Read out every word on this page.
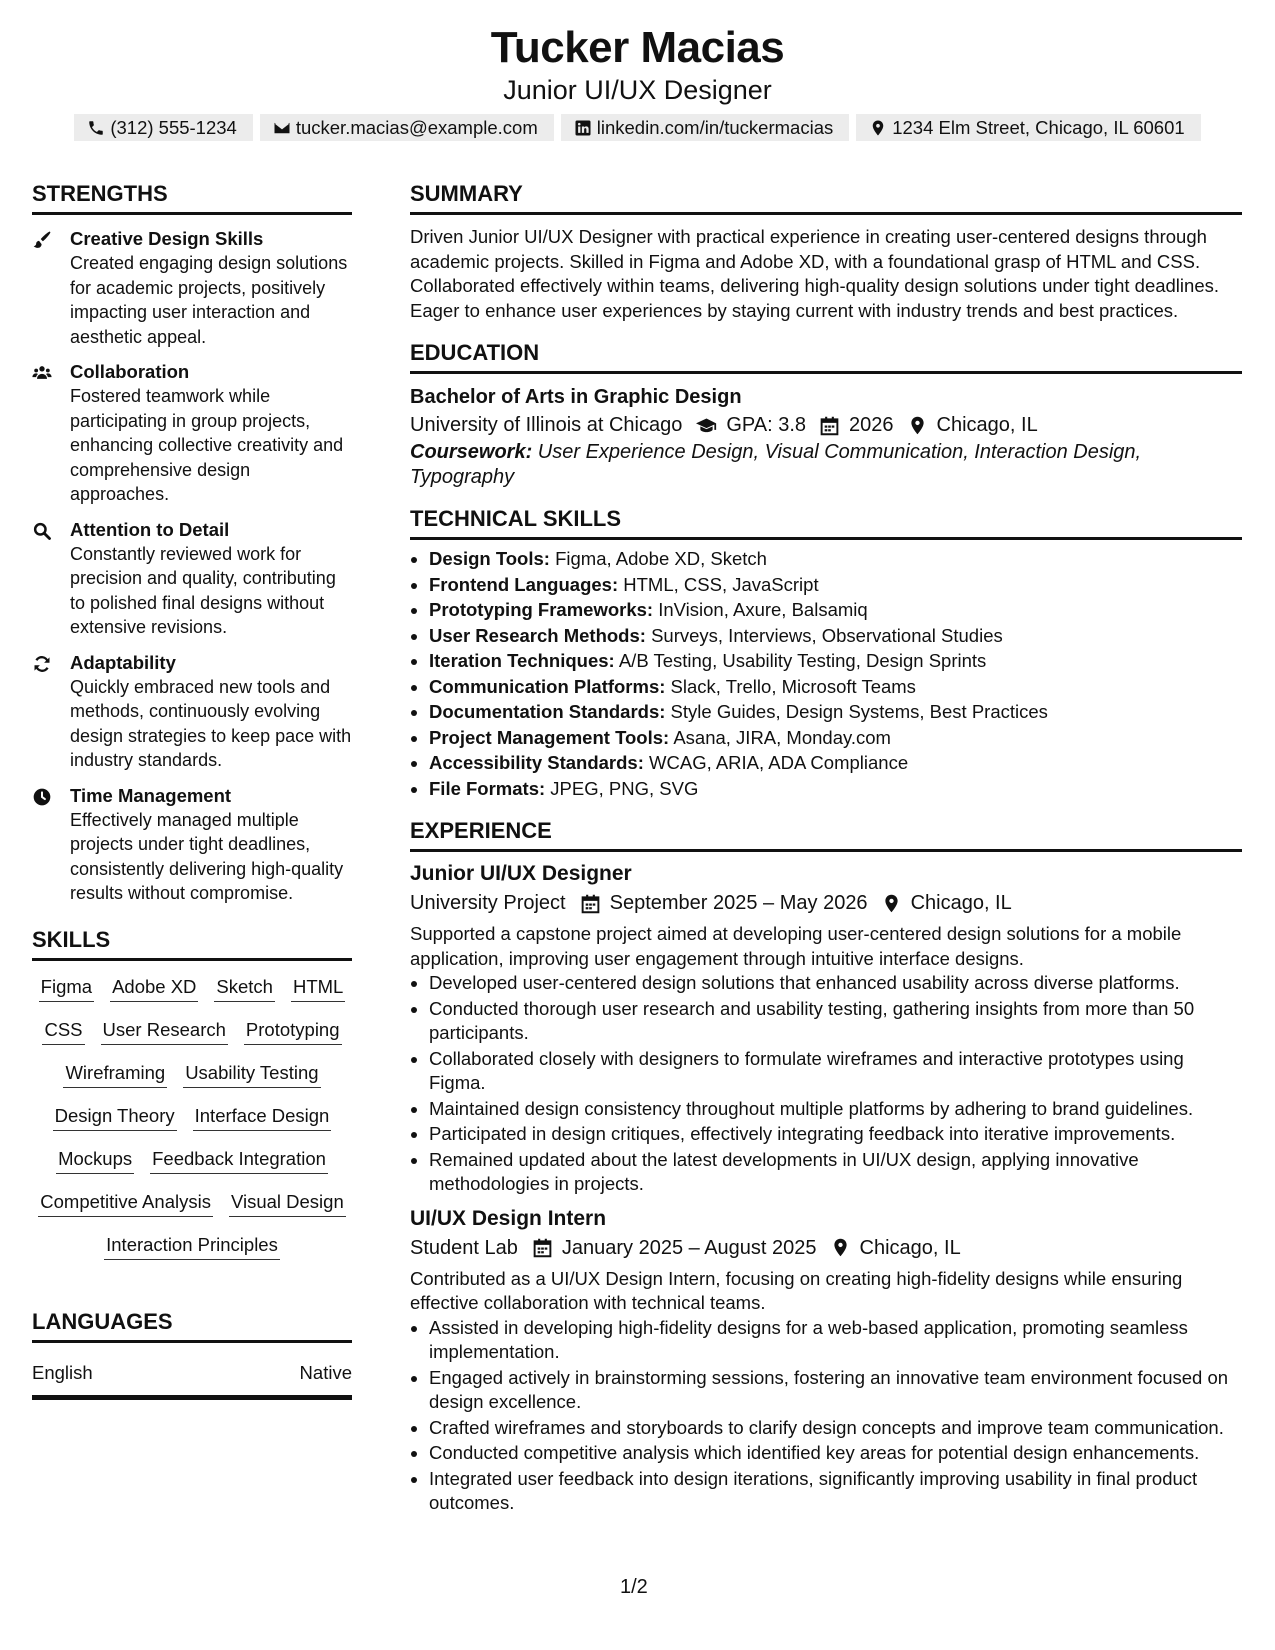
Tucker Macias
Junior UI/UX Designer
(312) 555-1234	tucker.macias@example.com	linkedin.com/in/tuckermacias	1234 Elm Street, Chicago, IL 60601
STRENGTHS
Creative Design Skills
Created engaging design solutions for academic projects, positively impacting user interaction and aesthetic appeal.
Collaboration
Fostered teamwork while participating in group projects, enhancing collective creativity and comprehensive design approaches.
Attention to Detail
Constantly reviewed work for precision and quality, contributing to polished final designs without extensive revisions.
Adaptability
Quickly embraced new tools and methods, continuously evolving design strategies to keep pace with industry standards.
Time Management
Effectively managed multiple projects under tight deadlines, consistently delivering high-quality results without compromise.
SKILLS
Figma Adobe XD Sketch HTML
CSS User Research Prototyping
Wireframing Usability Testing
Design Theory Interface Design
Mockups Feedback Integration
Competitive Analysis Visual Design
Interaction Principles
LANGUAGES
English	Native
SUMMARY
Driven Junior UI/UX Designer with practical experience in creating user-centered designs through academic projects. Skilled in Figma and Adobe XD, with a foundational grasp of HTML and CSS. Collaborated effectively within teams, delivering high-quality design solutions under tight deadlines. Eager to enhance user experiences by staying current with industry trends and best practices.
EDUCATION
Bachelor of Arts in Graphic Design
University of Illinois at Chicago GPA: 3.8 2026 Chicago, IL
Coursework: User Experience Design, Visual Communication, Interaction Design, Typography
TECHNICAL SKILLS
• Design Tools: Figma, Adobe XD, Sketch
• Frontend Languages: HTML, CSS, JavaScript
• Prototyping Frameworks: InVision, Axure, Balsamiq
• User Research Methods: Surveys, Interviews, Observational Studies
• Iteration Techniques: A/B Testing, Usability Testing, Design Sprints
• Communication Platforms: Slack, Trello, Microsoft Teams
• Documentation Standards: Style Guides, Design Systems, Best Practices
• Project Management Tools: Asana, JIRA, Monday.com
• Accessibility Standards: WCAG, ARIA, ADA Compliance
• File Formats: JPEG, PNG, SVG
EXPERIENCE
Junior UI/UX Designer
University Project September 2025 – May 2026 Chicago, IL
Supported a capstone project aimed at developing user-centered design solutions for a mobile application, improving user engagement through intuitive interface designs.
• Developed user-centered design solutions that enhanced usability across diverse platforms.
• Conducted thorough user research and usability testing, gathering insights from more than 50 participants.
• Collaborated closely with designers to formulate wireframes and interactive prototypes using Figma.
• Maintained design consistency throughout multiple platforms by adhering to brand guidelines.
• Participated in design critiques, effectively integrating feedback into iterative improvements.
• Remained updated about the latest developments in UI/UX design, applying innovative methodologies in projects.
UI/UX Design Intern
Student Lab January 2025 – August 2025 Chicago, IL
Contributed as a UI/UX Design Intern, focusing on creating high-fidelity designs while ensuring effective collaboration with technical teams.
• Assisted in developing high-fidelity designs for a web-based application, promoting seamless implementation.
• Engaged actively in brainstorming sessions, fostering an innovative team environment focused on design excellence.
• Crafted wireframes and storyboards to clarify design concepts and improve team communication.
• Conducted competitive analysis which identified key areas for potential design enhancements.
• Integrated user feedback into design iterations, significantly improving usability in final product outcomes.
1/2
